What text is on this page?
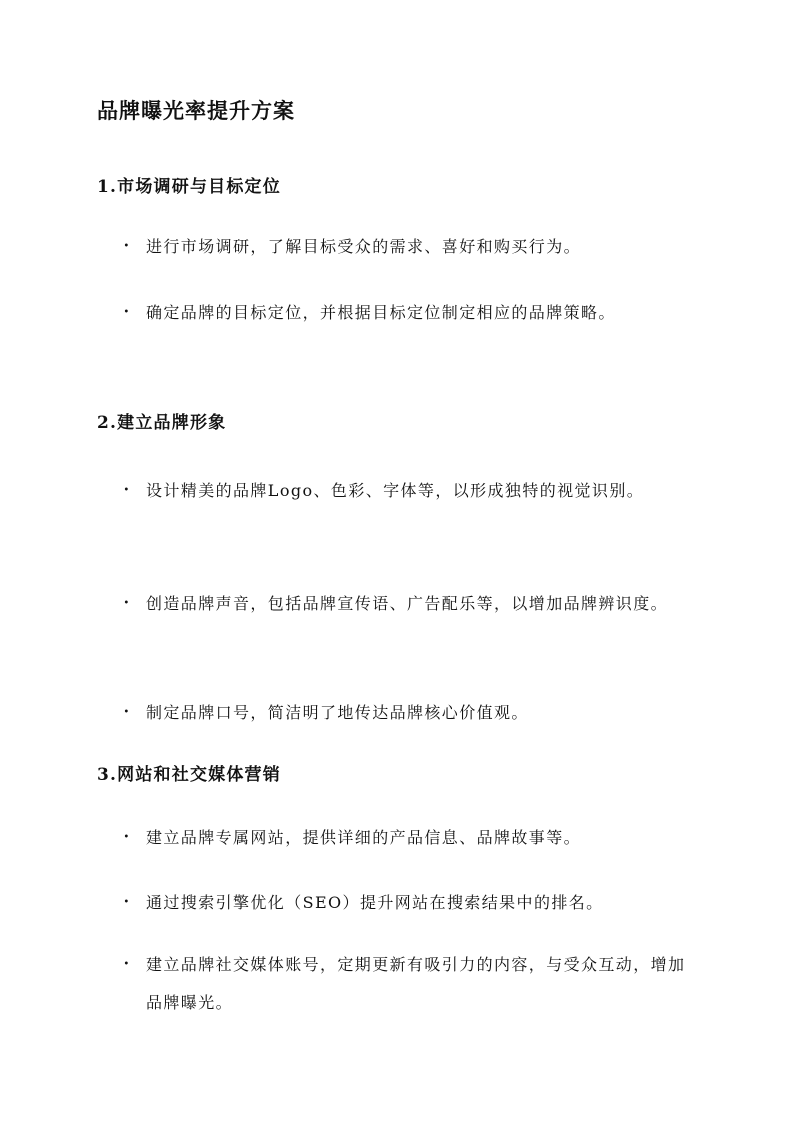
品牌曝光率提升方案
1.市场调研与目标定位
• 进行市场调研，了解目标受众的需求、喜好和购买行为。
• 确定品牌的目标定位，并根据目标定位制定相应的品牌策略。
2.建立品牌形象
• 设计精美的品牌Logo、色彩、字体等，以形成独特的视觉识别。
• 创造品牌声音，包括品牌宣传语、广告配乐等，以增加品牌辨识度。
• 制定品牌口号，简洁明了地传达品牌核心价值观。
3.网站和社交媒体营销
• 建立品牌专属网站，提供详细的产品信息、品牌故事等。
• 通过搜索引擎优化（SEO）提升网站在搜索结果中的排名。
• 建立品牌社交媒体账号，定期更新有吸引力的内容，与受众互动，增加品牌曝光。
